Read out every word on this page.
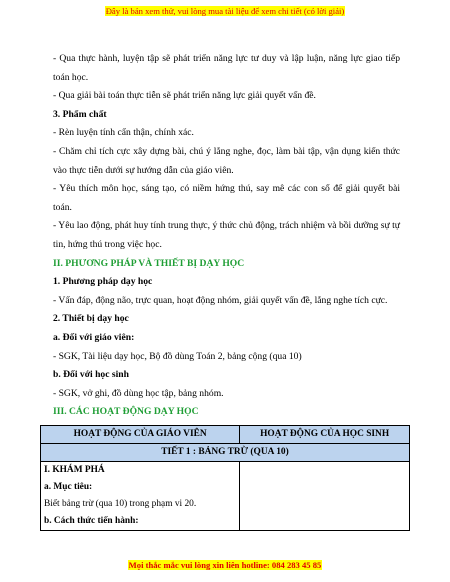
Đây là bản xem thử, vui lòng mua tài liệu để xem chi tiết (có lời giải)
- Qua thực hành, luyện tập sẽ phát triển năng lực tư duy và lập luận, năng lực giao tiếp toán học.
- Qua giải bài toán thực tiễn sẽ phát triển năng lực giải quyết vấn đề.
3. Phẩm chất
- Rèn luyện tính cẩn thận, chính xác.
- Chăm chỉ tích cực xây dựng bài, chú ý lắng nghe, đọc, làm bài tập, vận dụng kiến thức vào thực tiễn dưới sự hướng dẫn của giáo viên.
- Yêu thích môn học, sáng tạo, có niềm hứng thú, say mê các con số để giải quyết bài toán.
- Yêu lao động, phát huy tính trung thực, ý thức chủ động, trách nhiệm và bồi dưỡng sự tự tin, hứng thú trong việc học.
II. PHƯƠNG PHÁP VÀ THIẾT BỊ DẠY HỌC
1. Phương pháp dạy học
- Vấn đáp, động não, trực quan, hoạt động nhóm, giải quyết vấn đề, lắng nghe tích cực.
2. Thiết bị dạy học
a. Đối với giáo viên:
- SGK, Tài liệu dạy học, Bộ đồ dùng Toán 2, bảng cộng (qua 10)
b. Đối với học sinh
- SGK, vở ghi, đồ dùng học tập, bảng nhóm.
III. CÁC HOẠT ĐỘNG DẠY HỌC
HOẠT ĐỘNG CỦA GIÁO VIÊN	HOẠT ĐỘNG CỦA HỌC SINH
TIẾT 1 : BẢNG TRỪ (QUA 10)	

I. KHÁM PHÁ
a. Mục tiêu:
Biết bảng trừ (qua 10) trong phạm vi 20.
b. Cách thức tiến hành:	

Mọi thắc mắc vui lòng xin liên hotline: 084 283 45 85
